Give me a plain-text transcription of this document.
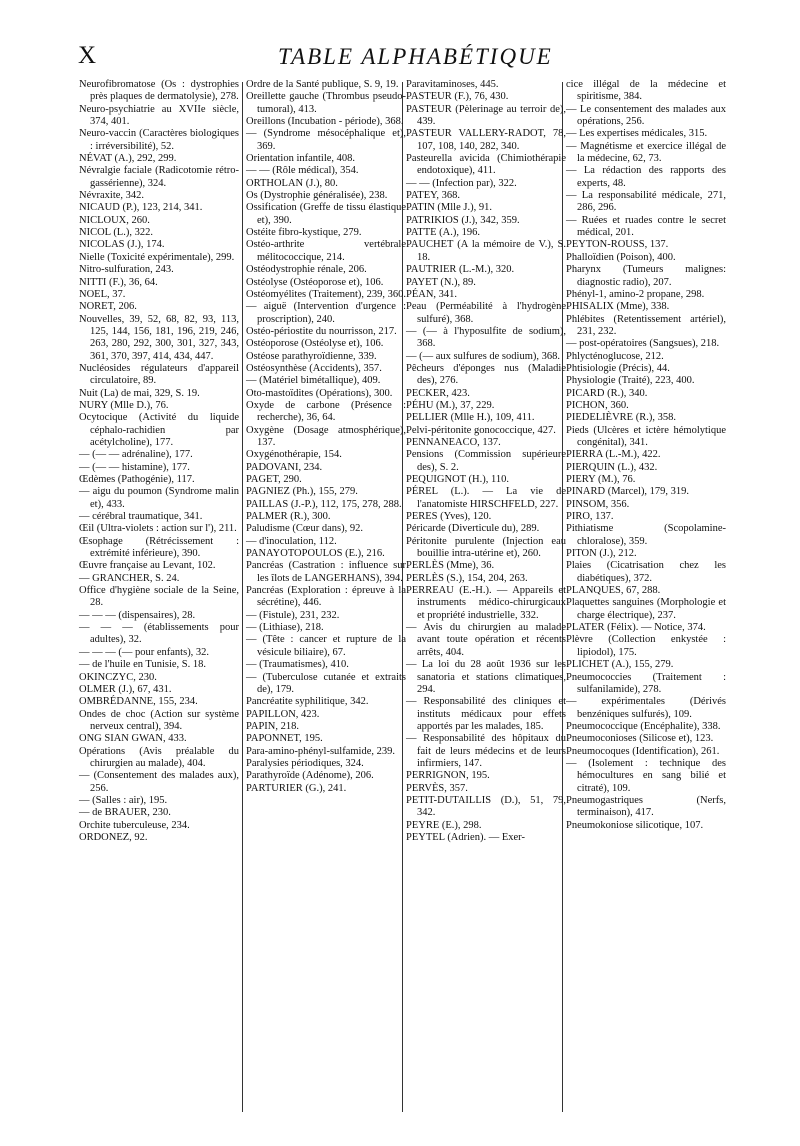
X	TABLE ALPHABÉTIQUE
Neurofibromatose (Os : dystrophies près plaques de dermatolysie), 278.
Neuro-psychiatrie au XVIIe siècle, 374, 401.
Neuro-vaccin (Caractères biologiques : irréversibilité), 52.
NÉVAT (A.), 292, 299.
Névralgie faciale (Radicotomie rétro-gassérienne), 324.
Névraxite, 342.
NICAUD (P.), 123, 214, 341.
NICLOUX, 260.
NICOL (L.), 322.
NICOLAS (J.), 174.
Nielle (Toxicité expérimentale), 299.
Nitro-sulfuration, 243.
NITTI (F.), 36, 64.
NOEL, 37.
NORET, 206.
Nouvelles, 39, 52, 68, 82, 93, 113, 125, 144, 156, 181, 196, 219, 246, 263, 280, 292, 300, 301, 327, 343, 361, 370, 397, 414, 434, 447.
Nucléosides régulateurs d'appareil circulatoire, 89.
Nuit (La) de mai, 329, S. 19.
NURY (Mlle D.), 76.
Ocytocique (Activité du liquide céphalo-rachidien par acétylcholine), 177.
— (— — adrénaline), 177.
— (— — histamine), 177.
Œdèmes (Pathogénie), 117.
— aigu du poumon (Syndrome malin et), 433.
— cérébral traumatique, 341.
Œil (Ultra-violets : action sur l'), 211.
Œsophage (Rétrécissement : extrémité inférieure), 390.
Œuvre française au Levant, 102.
— GRANCHER, S. 24.
Office d'hygiène sociale de la Seine, 28.
— — — (dispensaires), 28.
— — — (établissements pour adultes), 32.
— — — (— pour enfants), 32.
— de l'huile en Tunisie, S. 18.
OKINCZYC, 230.
OLMER (J.), 67, 431.
OMBRÉDANNE, 155, 234.
Ondes de choc (Action sur système nerveux central), 394.
ONG SIAN GWAN, 433.
Opérations (Avis préalable du chirurgien au malade), 404.
— (Consentement des malades aux), 256.
— (Salles : air), 195.
— de BRAUER, 230.
Orchite tuberculeuse, 234.
ORDONEZ, 92.
Ordre de la Santé publique, S. 9, 19.
Oreillette gauche (Thrombus pseudo-tumoral), 413.
Oreillons (Incubation - période), 368.
— (Syndrome mésocéphalique et), 369.
Orientation infantile, 408.
— — (Rôle médical), 354.
ORTHOLAN (J.), 80.
Os (Dystrophie généralisée), 238.
Ossification (Greffe de tissu élastique et), 390.
Ostéite fibro-kystique, 279.
Ostéo-arthrite vertébrale mélitococcique, 214.
Ostéodystrophie rénale, 206.
Ostéolyse (Ostéoporose et), 106.
Ostéomyélites (Traitement), 239, 360.
— aiguë (Intervention d'urgence : proscription), 240.
Ostéo-périostite du nourrisson, 217.
Ostéoporose (Ostéolyse et), 106.
Ostéose parathyroïdienne, 339.
Ostéosynthèse (Accidents), 357.
— (Matériel bimétallique), 409.
Oto-mastoïdites (Opérations), 300.
Oxyde de carbone (Présence : recherche), 36, 64.
Oxygène (Dosage atmosphérique), 137.
Oxygénothérapie, 154.
PADOVANI, 234.
PAGET, 290.
PAGNIEZ (Ph.), 155, 279.
PAILLAS (J.-P.), 112, 175, 278, 288.
PALMER (R.), 300.
Paludisme (Cœur dans), 92.
— d'inoculation, 112.
PANAYOTOPOULOS (E.), 216.
Pancréas (Castration : influence sur les îlots de LANGERHANS), 394.
Pancréas (Exploration : épreuve à la sécrétine), 446.
— (Fistule), 231, 232.
— (Lithiase), 218.
— (Tête : cancer et rupture de la vésicule biliaire), 67.
— (Traumatismes), 410.
— (Tuberculose cutanée et extraits de), 179.
Pancréatite syphilitique, 342.
PAPILLON, 423.
PAPIN, 218.
PAPONNET, 195.
Para-amino-phényl-sulfamide, 239.
Paralysies périodiques, 324.
Parathyroïde (Adénome), 206.
PARTURIER (G.), 241.
Paravitaminoses, 445.
PASTEUR (F.), 76, 430.
PASTEUR (Pèlerinage au terroir de), 439.
PASTEUR VALLERY-RADOT, 78, 107, 108, 140, 282, 340.
Pasteurella avicida (Chimiothérapie endotoxique), 411.
— — (Infection par), 322.
PATEY, 368.
PATIN (Mlle J.), 91.
PATRIKIOS (J.), 342, 359.
PATTE (A.), 196.
PAUCHET (A la mémoire de V.), S. 18.
PAUTRIER (L.-M.), 320.
PAYET (N.), 89.
PÉAN, 341.
Peau (Perméabilité à l'hydrogène sulfuré), 368.
— (— à l'hyposulfite de sodium), 368.
— (— aux sulfures de sodium), 368.
Pêcheurs d'éponges nus (Maladie des), 276.
PECKER, 423.
PÉHU (M.), 37, 229.
PELLIER (Mlle H.), 109, 411.
Pelvi-péritonite gonococcique, 427.
PENNANEACO, 137.
Pensions (Commission supérieure des), S. 2.
PEQUIGNOT (H.), 110.
PÉREL (L.). — La vie de l'anatomiste HIRSCHFELD, 227.
PERES (Yves), 120.
Péricarde (Diverticule du), 289.
Péritonite purulente (Injection eau bouillie intra-utérine et), 260.
PERLÈS (Mme), 36.
PERLÈS (S.), 154, 204, 263.
PERREAU (E.-H.). — Appareils et instruments médico-chirurgicaux et propriété industrielle, 332.
— Avis du chirurgien au malade avant toute opération et récents arrêts, 404.
— La loi du 28 août 1936 sur les sanatoria et stations climatiques, 294.
— Responsabilité des cliniques et instituts médicaux pour effets apportés par les malades, 185.
— Responsabilité des hôpitaux du fait de leurs médecins et de leurs infirmiers, 147.
PERRIGNON, 195.
PERVÈS, 357.
PETIT-DUTAILLIS (D.), 51, 79, 342.
PEYRE (E.), 298.
PEYTEL (Adrien). — Exer-
cice illégal de la médecine et spiritisme, 384.
— Le consentement des malades aux opérations, 256.
— Les expertises médicales, 315.
— Magnétisme et exercice illégal de la médecine, 62, 73.
— La rédaction des rapports des experts, 48.
— La responsabilité médicale, 271, 286, 296.
— Ruées et ruades contre le secret médical, 201.
PEYTON-ROUSS, 137.
Phalloïdien (Poison), 400.
Pharynx (Tumeurs malignes: diagnostic radio), 207.
Phényl-1, amino-2 propane, 298.
PHISALIX (Mme), 338.
Phlébites (Retentissement artériel), 231, 232.
— post-opératoires (Sangsues), 218.
Phlycténoglucose, 212.
Phtisiologie (Précis), 44.
Physiologie (Traité), 223, 400.
PICARD (R.), 340.
PICHON, 360.
PIEDELIÈVRE (R.), 358.
Pieds (Ulcères et ictère hémolytique congénital), 341.
PIERRA (L.-M.), 422.
PIERQUIN (L.), 432.
PIERY (M.), 76.
PINARD (Marcel), 179, 319.
PINSOM, 356.
PIRO, 137.
Pithiatisme (Scopolamine-chloralose), 359.
PITON (J.), 212.
Plaies (Cicatrisation chez les diabétiques), 372.
PLANQUES, 67, 288.
Plaquettes sanguines (Morphologie et charge électrique), 237.
PLATER (Félix). — Notice, 374.
Plèvre (Collection enkystée : lipiodol), 175.
PLICHET (A.), 155, 279.
Pneumococcies (Traitement : sulfanilamide), 278.
— expérimentales (Dérivés benzéniques sulfurés), 109.
Pneumococcique (Encéphalite), 338.
Pneumoconioses (Silicose et), 123.
Pneumocoques (Identification), 261.
— (Isolement : technique des hémocultures en sang bilié et citraté), 109.
Pneumogastriques (Nerfs, terminaison), 417.
Pneumokoniose silicotique, 107.
